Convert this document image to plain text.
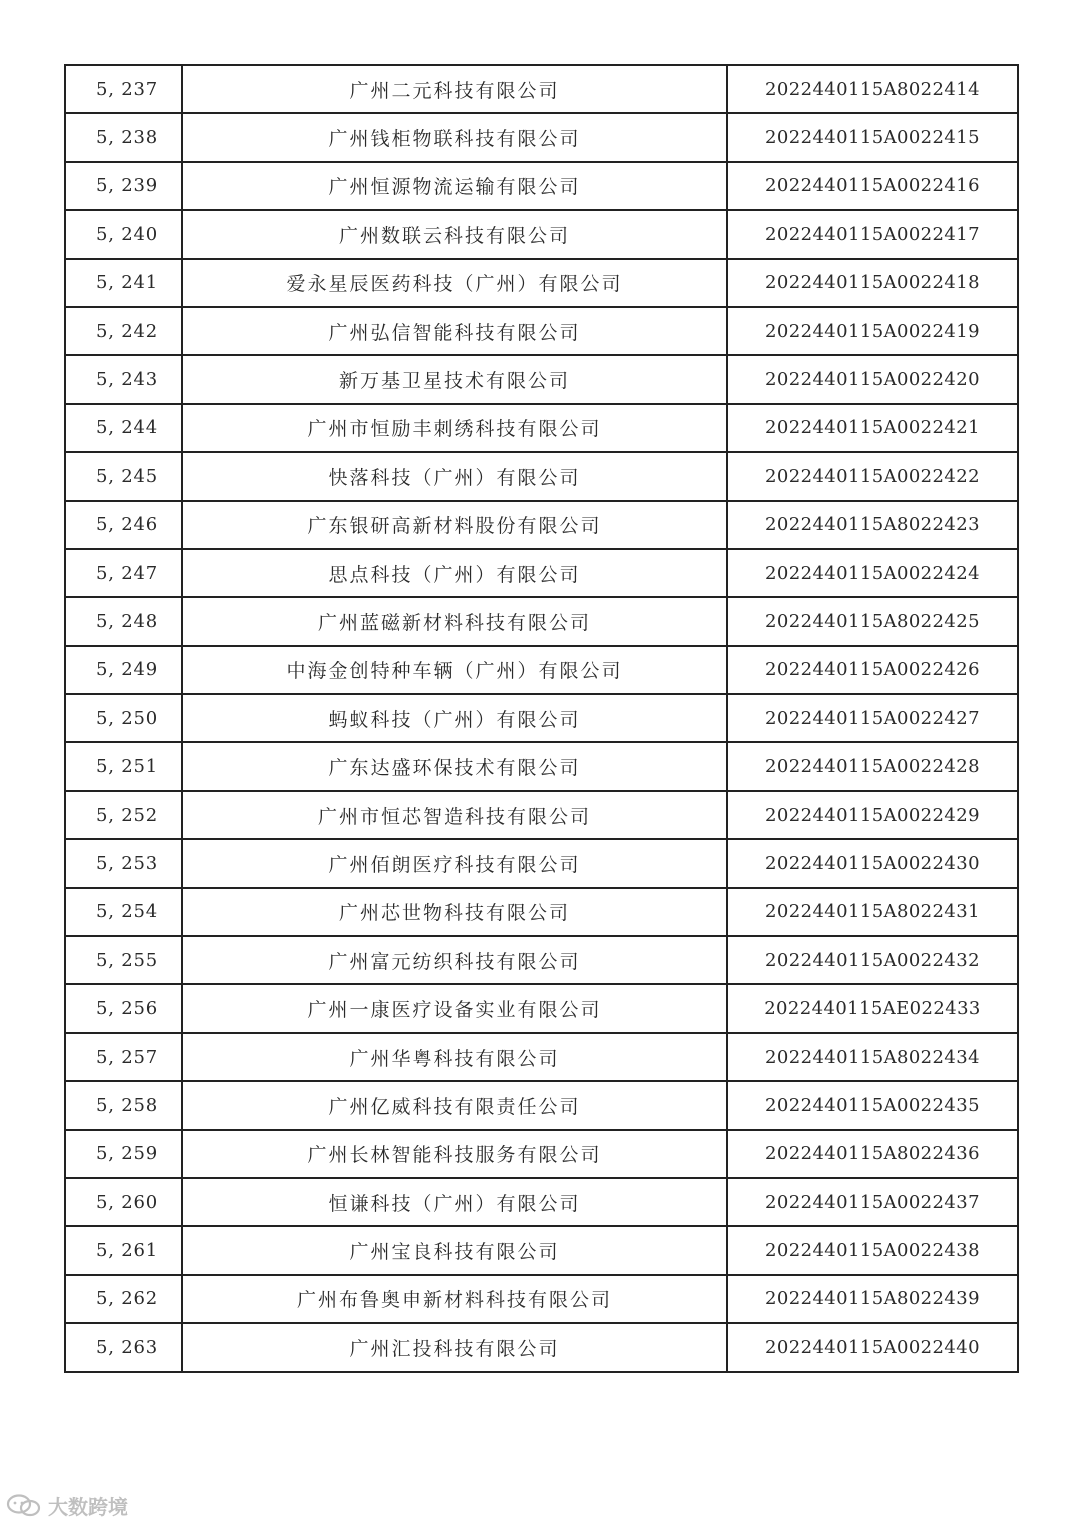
5, 237	广州二元科技有限公司	2022440115A8022414
5, 238	广州钱柜物联科技有限公司	2022440115A0022415
5, 239	广州恒源物流运输有限公司	2022440115A0022416
5, 240	广州数联云科技有限公司	2022440115A0022417
5, 241	爱永星辰医药科技（广州）有限公司	2022440115A0022418
5, 242	广州弘信智能科技有限公司	2022440115A0022419
5, 243	新万基卫星技术有限公司	2022440115A0022420
5, 244	广州市恒励丰刺绣科技有限公司	2022440115A0022421
5, 245	快落科技（广州）有限公司	2022440115A0022422
5, 246	广东银研高新材料股份有限公司	2022440115A8022423
5, 247	思点科技（广州）有限公司	2022440115A0022424
5, 248	广州蓝磁新材料科技有限公司	2022440115A8022425
5, 249	中海金创特种车辆（广州）有限公司	2022440115A0022426
5, 250	蚂蚁科技（广州）有限公司	2022440115A0022427
5, 251	广东达盛环保技术有限公司	2022440115A0022428
5, 252	广州市恒芯智造科技有限公司	2022440115A0022429
5, 253	广州佰朗医疗科技有限公司	2022440115A0022430
5, 254	广州芯世物科技有限公司	2022440115A8022431
5, 255	广州富元纺织科技有限公司	2022440115A0022432
5, 256	广州一康医疗设备实业有限公司	2022440115AE022433
5, 257	广州华粤科技有限公司	2022440115A8022434
5, 258	广州亿威科技有限责任公司	2022440115A0022435
5, 259	广州长林智能科技服务有限公司	2022440115A8022436
5, 260	恒谦科技（广州）有限公司	2022440115A0022437
5, 261	广州宝良科技有限公司	2022440115A0022438
5, 262	广州布鲁奥申新材料科技有限公司	2022440115A8022439
5, 263	广州汇投科技有限公司	2022440115A0022440
大数跨境
